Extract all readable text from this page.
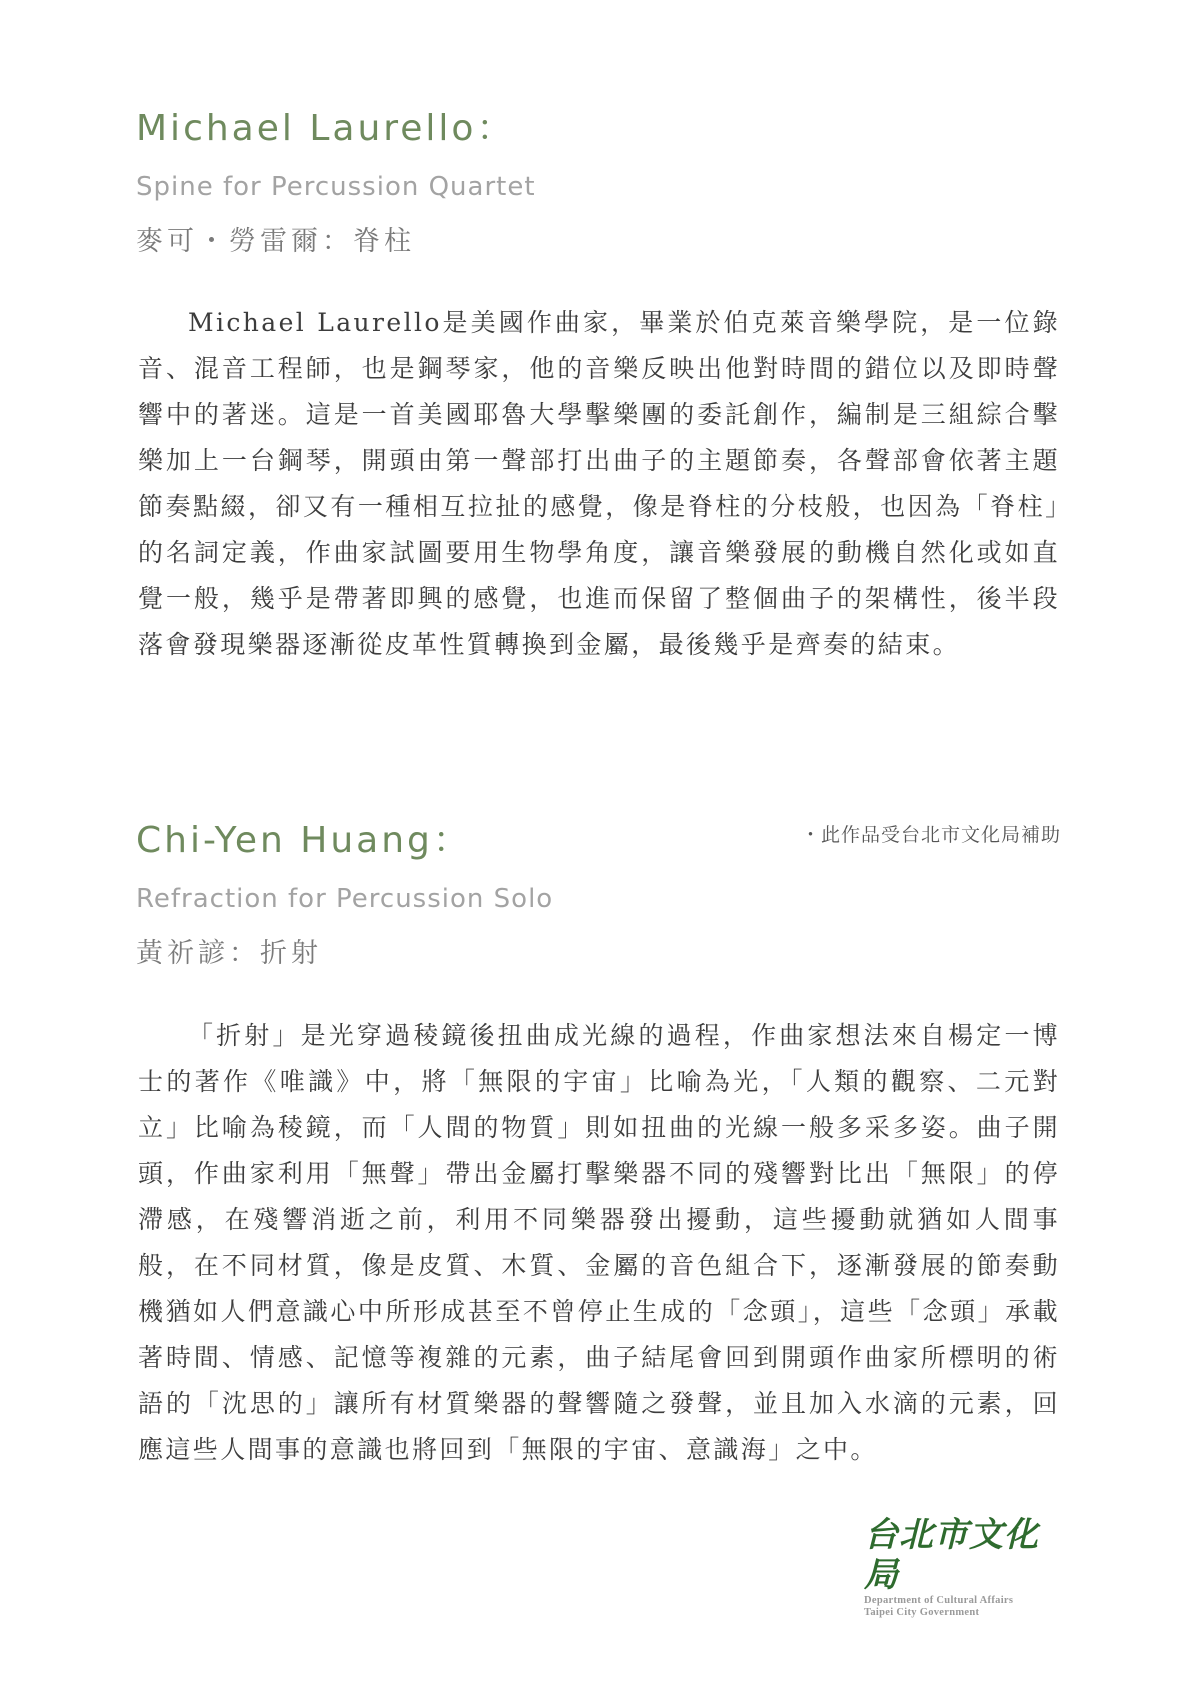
Michael Laurello：

Spine for Percussion Quartet

麥可・勞雷爾：脊柱

Michael Laurello是美國作曲家，畢業於伯克萊音樂學院，是一位錄音、混音工程師，也是鋼琴家，他的音樂反映出他對時間的錯位以及即時聲響中的著迷。這是一首美國耶魯大學擊樂團的委託創作，編制是三組綜合擊樂加上一台鋼琴，開頭由第一聲部打出曲子的主題節奏，各聲部會依著主題節奏點綴，卻又有一種相互拉扯的感覺，像是脊柱的分枝般，也因為「脊柱」的名詞定義，作曲家試圖要用生物學角度，讓音樂發展的動機自然化或如直覺一般，幾乎是帶著即興的感覺，也進而保留了整個曲子的架構性，後半段落會發現樂器逐漸從皮革性質轉換到金屬，最後幾乎是齊奏的結束。

Chi-Yen Huang：	・此作品受台北市文化局補助

Refraction for Percussion Solo

黃祈諺：折射

「折射」是光穿過稜鏡後扭曲成光線的過程，作曲家想法來自楊定一博士的著作《唯識》中，將「無限的宇宙」比喻為光，「人類的觀察、二元對立」比喻為稜鏡，而「人間的物質」則如扭曲的光線一般多采多姿。曲子開頭，作曲家利用「無聲」帶出金屬打擊樂器不同的殘響對比出「無限」的停滯感，在殘響消逝之前，利用不同樂器發出擾動，這些擾動就猶如人間事般，在不同材質，像是皮質、木質、金屬的音色組合下，逐漸發展的節奏動機猶如人們意識心中所形成甚至不曾停止生成的「念頭」，這些「念頭」承載著時間、情感、記憶等複雜的元素，曲子結尾會回到開頭作曲家所標明的術語的「沈思的」讓所有材質樂器的聲響隨之發聲，並且加入水滴的元素，回應這些人間事的意識也將回到「無限的宇宙、意識海」之中。

台北市文化局
Department of Cultural Affairs
Taipei City Government
